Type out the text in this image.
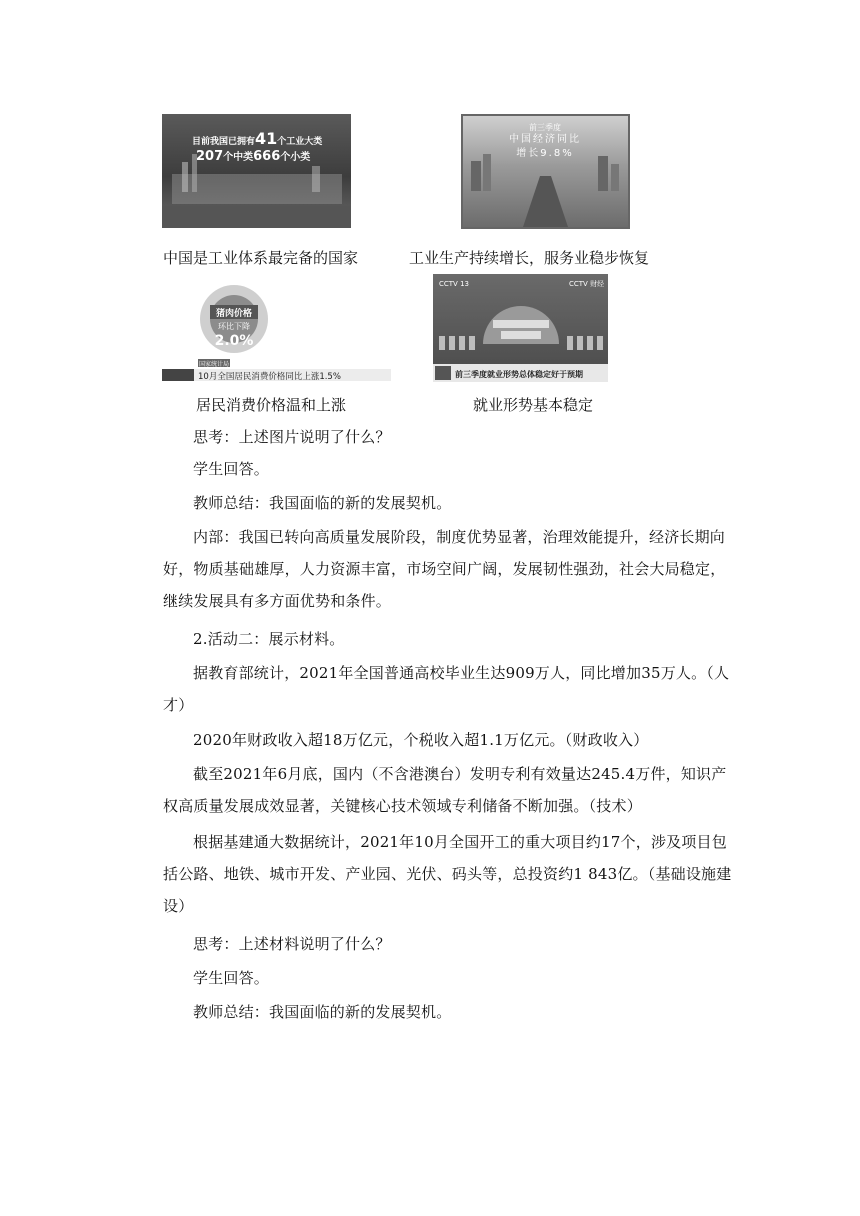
目前我国已拥有41个工业大类
207个中类666个小类
中国是工业体系最完备的国家
前三季度
中国经济同比
增长9.8%
工业生产持续增长，服务业稳步恢复
猪肉价格
环比下降
2.0%
国家统计局
10月全国居民消费价格同比上涨1.5%
居民消费价格温和上涨
CCTV 13	CCTV 财经
前三季度就业形势总体稳定好于预期
就业形势基本稳定
思考：上述图片说明了什么？
学生回答。
教师总结：我国面临的新的发展契机。
内部：我国已转向高质量发展阶段，制度优势显著，治理效能提升，经济长期向好，物质基础雄厚，人力资源丰富，市场空间广阔，发展韧性强劲，社会大局稳定，继续发展具有多方面优势和条件。
2.活动二：展示材料。
据教育部统计，2021年全国普通高校毕业生达909万人，同比增加35万人。（人才）
2020年财政收入超18万亿元，个税收入超1.1万亿元。（财政收入）
截至2021年6月底，国内（不含港澳台）发明专利有效量达245.4万件，知识产权高质量发展成效显著，关键核心技术领域专利储备不断加强。（技术）
根据基建通大数据统计，2021年10月全国开工的重大项目约17个，涉及项目包括公路、地铁、城市开发、产业园、光伏、码头等，总投资约1 843亿。（基础设施建设）
思考：上述材料说明了什么？
学生回答。
教师总结：我国面临的新的发展契机。
